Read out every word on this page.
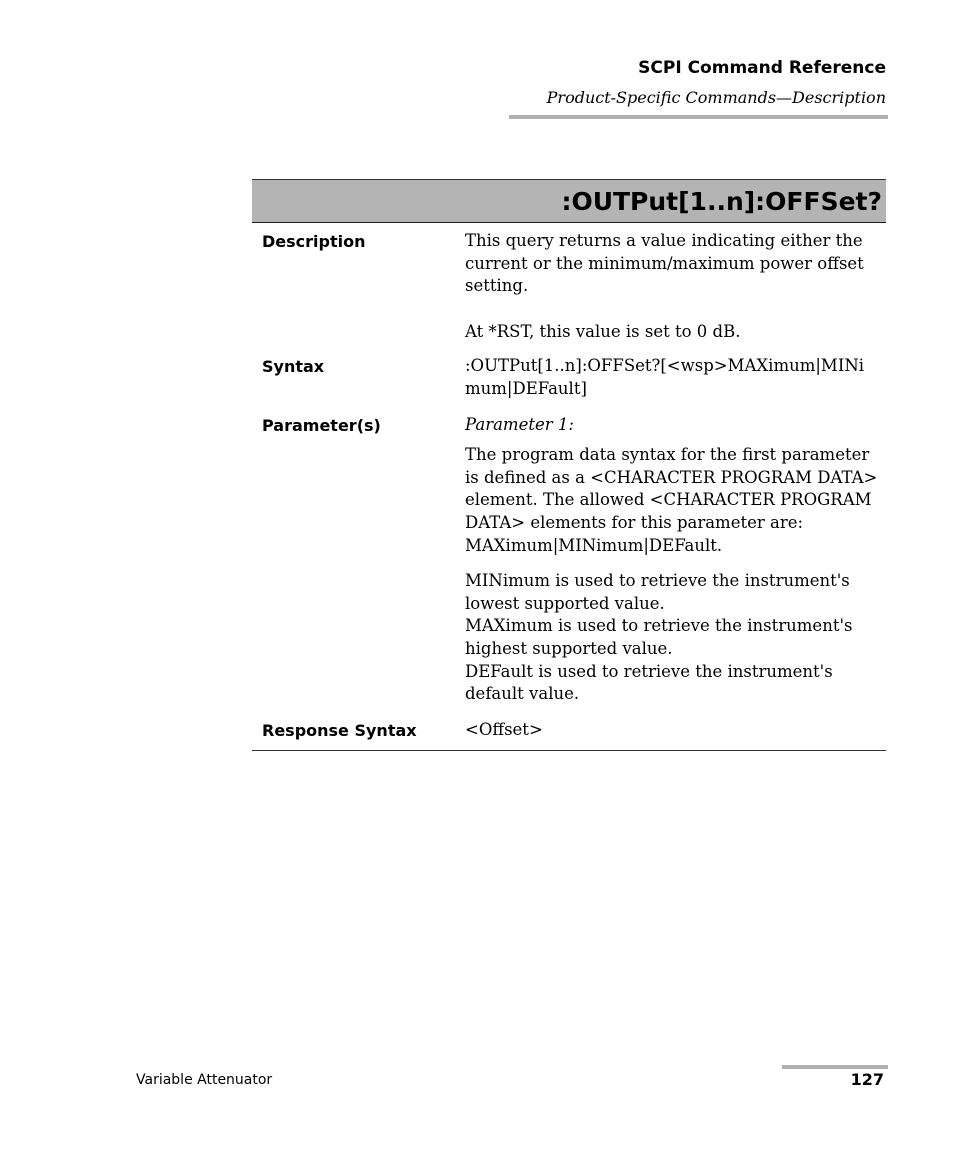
SCPI Command Reference
Product-Specific Commands—Description
:OUTPut[1..n]:OFFSet?
Description	This query returns a value indicating either the current or the minimum/maximum power offset setting.

At *RST, this value is set to 0 dB.

Syntax	:OUTPut[1..n]:OFFSet?[<wsp>MAXimum|MINimum|DEFault]

Parameter(s)	Parameter 1:

The program data syntax for the first parameter is defined as a <CHARACTER PROGRAM DATA> element. The allowed <CHARACTER PROGRAM DATA> elements for this parameter are: MAXimum|MINimum|DEFault.

MINimum is used to retrieve the instrument's lowest supported value.

MAXimum is used to retrieve the instrument's highest supported value.

DEFault is used to retrieve the instrument's default value.

Response Syntax	<Offset>
Variable Attenuator	127
